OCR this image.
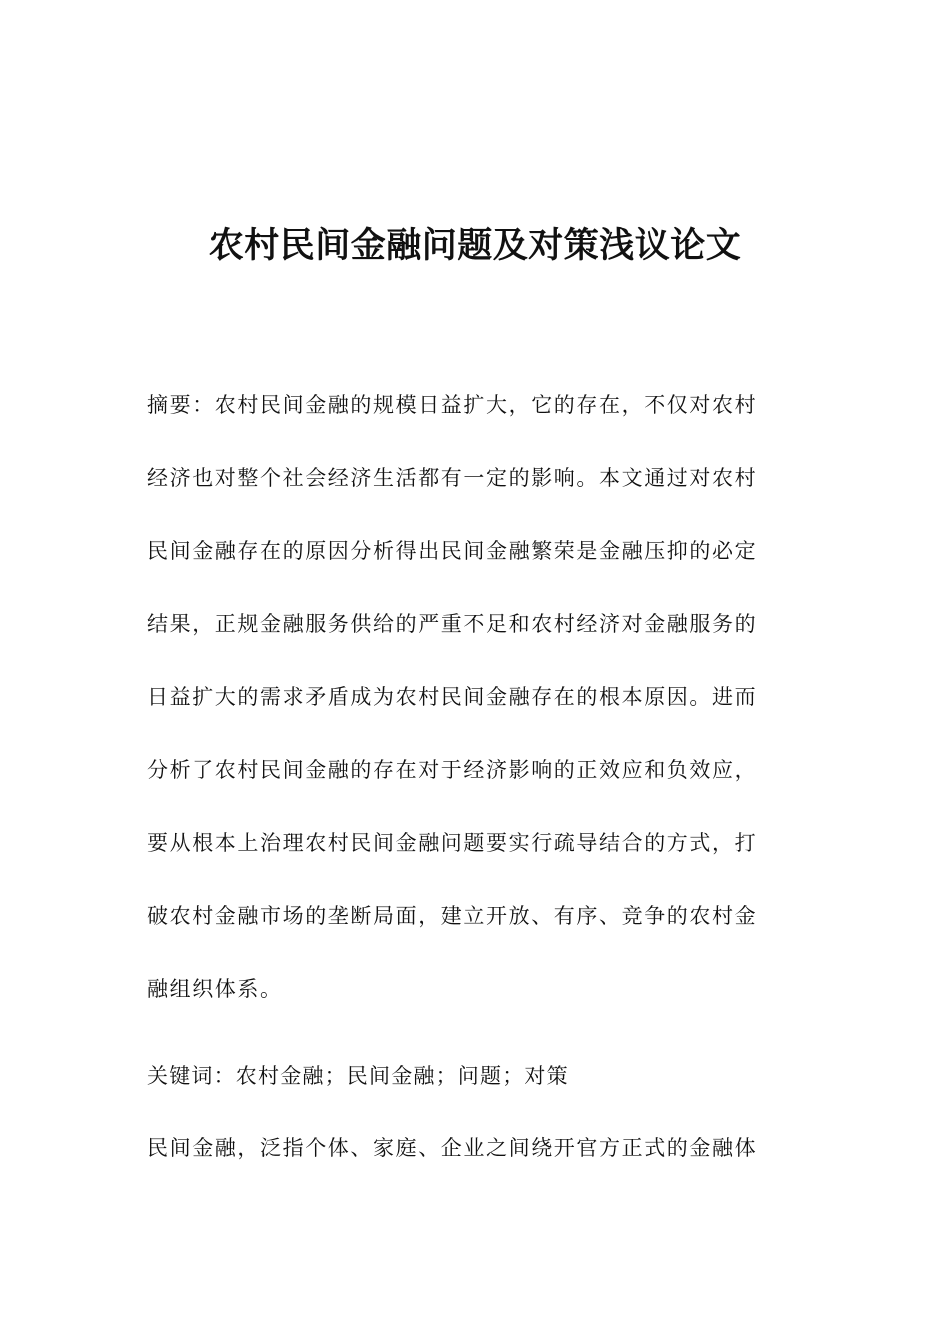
农村民间金融问题及对策浅议论文
摘要：农村民间金融的规模日益扩大，它的存在，不仅对农村
经济也对整个社会经济生活都有一定的影响。本文通过对农村
民间金融存在的原因分析得出民间金融繁荣是金融压抑的必定
结果，正规金融服务供给的严重不足和农村经济对金融服务的
日益扩大的需求矛盾成为农村民间金融存在的根本原因。进而
分析了农村民间金融的存在对于经济影响的正效应和负效应，
要从根本上治理农村民间金融问题要实行疏导结合的方式，打
破农村金融市场的垄断局面，建立开放、有序、竞争的农村金
融组织体系。

关键词：农村金融；民间金融；问题；对策

民间金融，泛指个体、家庭、企业之间绕开官方正式的金融体
